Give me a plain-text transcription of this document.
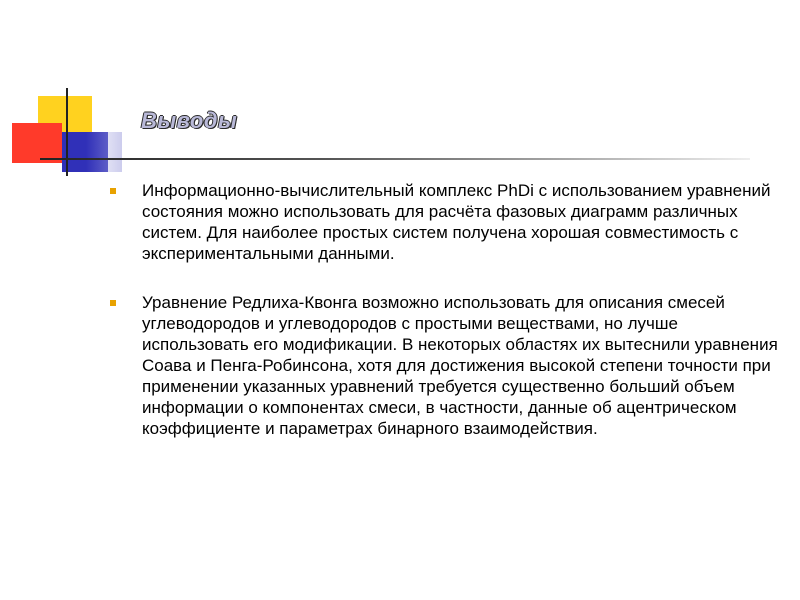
Выводы
Информационно-вычислительный комплекс PhDi с использованием уравнений состояния можно использовать для расчёта фазовых диаграмм различных систем. Для наиболее простых систем получена хорошая совместимость с экспериментальными данными.
Уравнение Редлиха-Квонга возможно использовать для описания смесей углеводородов и углеводородов с простыми веществами, но лучше использовать его модификации. В некоторых областях их вытеснили уравнения Соава и Пенга-Робинсона, хотя для достижения высокой степени точности при применении указанных уравнений требуется существенно больший объем информации о компонентах смеси, в частности, данные об ацентрическом коэффициенте и параметрах бинарного взаимодействия.
